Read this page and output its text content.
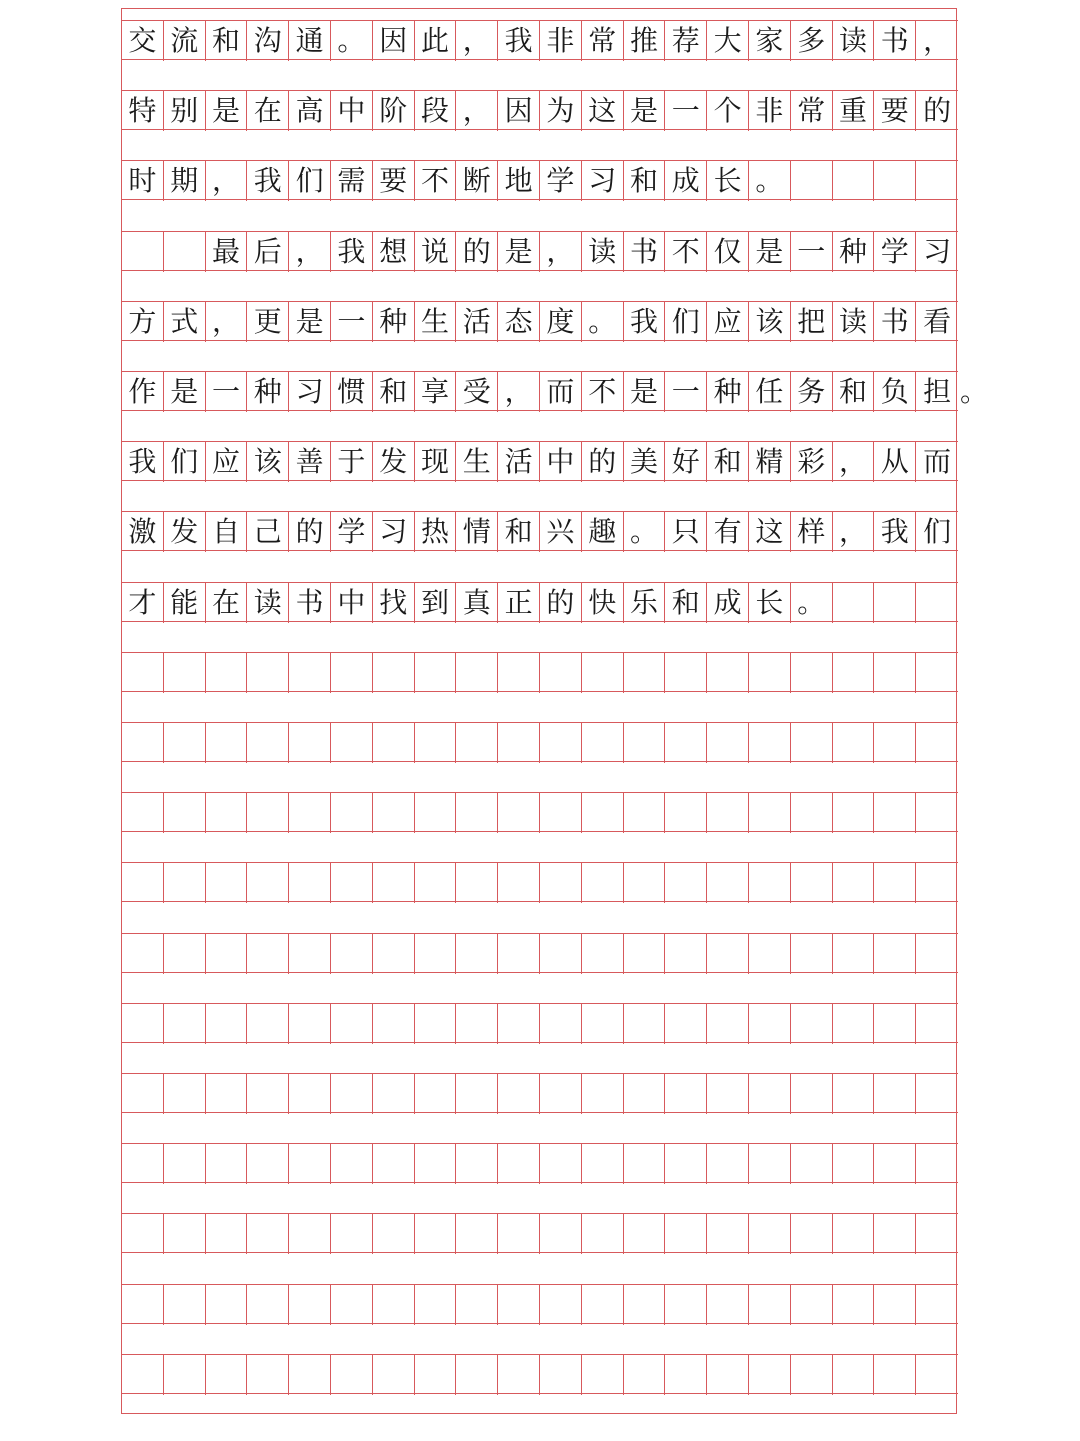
交 流 和 沟 通 。 因 此 ， 我 非 常 推 荐 大 家 多 读 书 ，
特 别 是 在 高 中 阶 段 ， 因 为 这 是 一 个 非 常 重 要 的
时 期 ， 我 们 需 要 不 断 地 学 习 和 成 长 。
最 后 ， 我 想 说 的 是 ， 读 书 不 仅 是 一 种 学 习
方 式 ， 更 是 一 种 生 活 态 度 。 我 们 应 该 把 读 书 看
作 是 一 种 习 惯 和 享 受 ， 而 不 是 一 种 任 务 和 负 担
我 们 应 该 善 于 发 现 生 活 中 的 美 好 和 精 彩 ， 从 而
激 发 自 己 的 学 习 热 情 和 兴 趣 。 只 有 这 样 ， 我 们
才 能 在 读 书 中 找 到 真 正 的 快 乐 和 成 长 。
。
